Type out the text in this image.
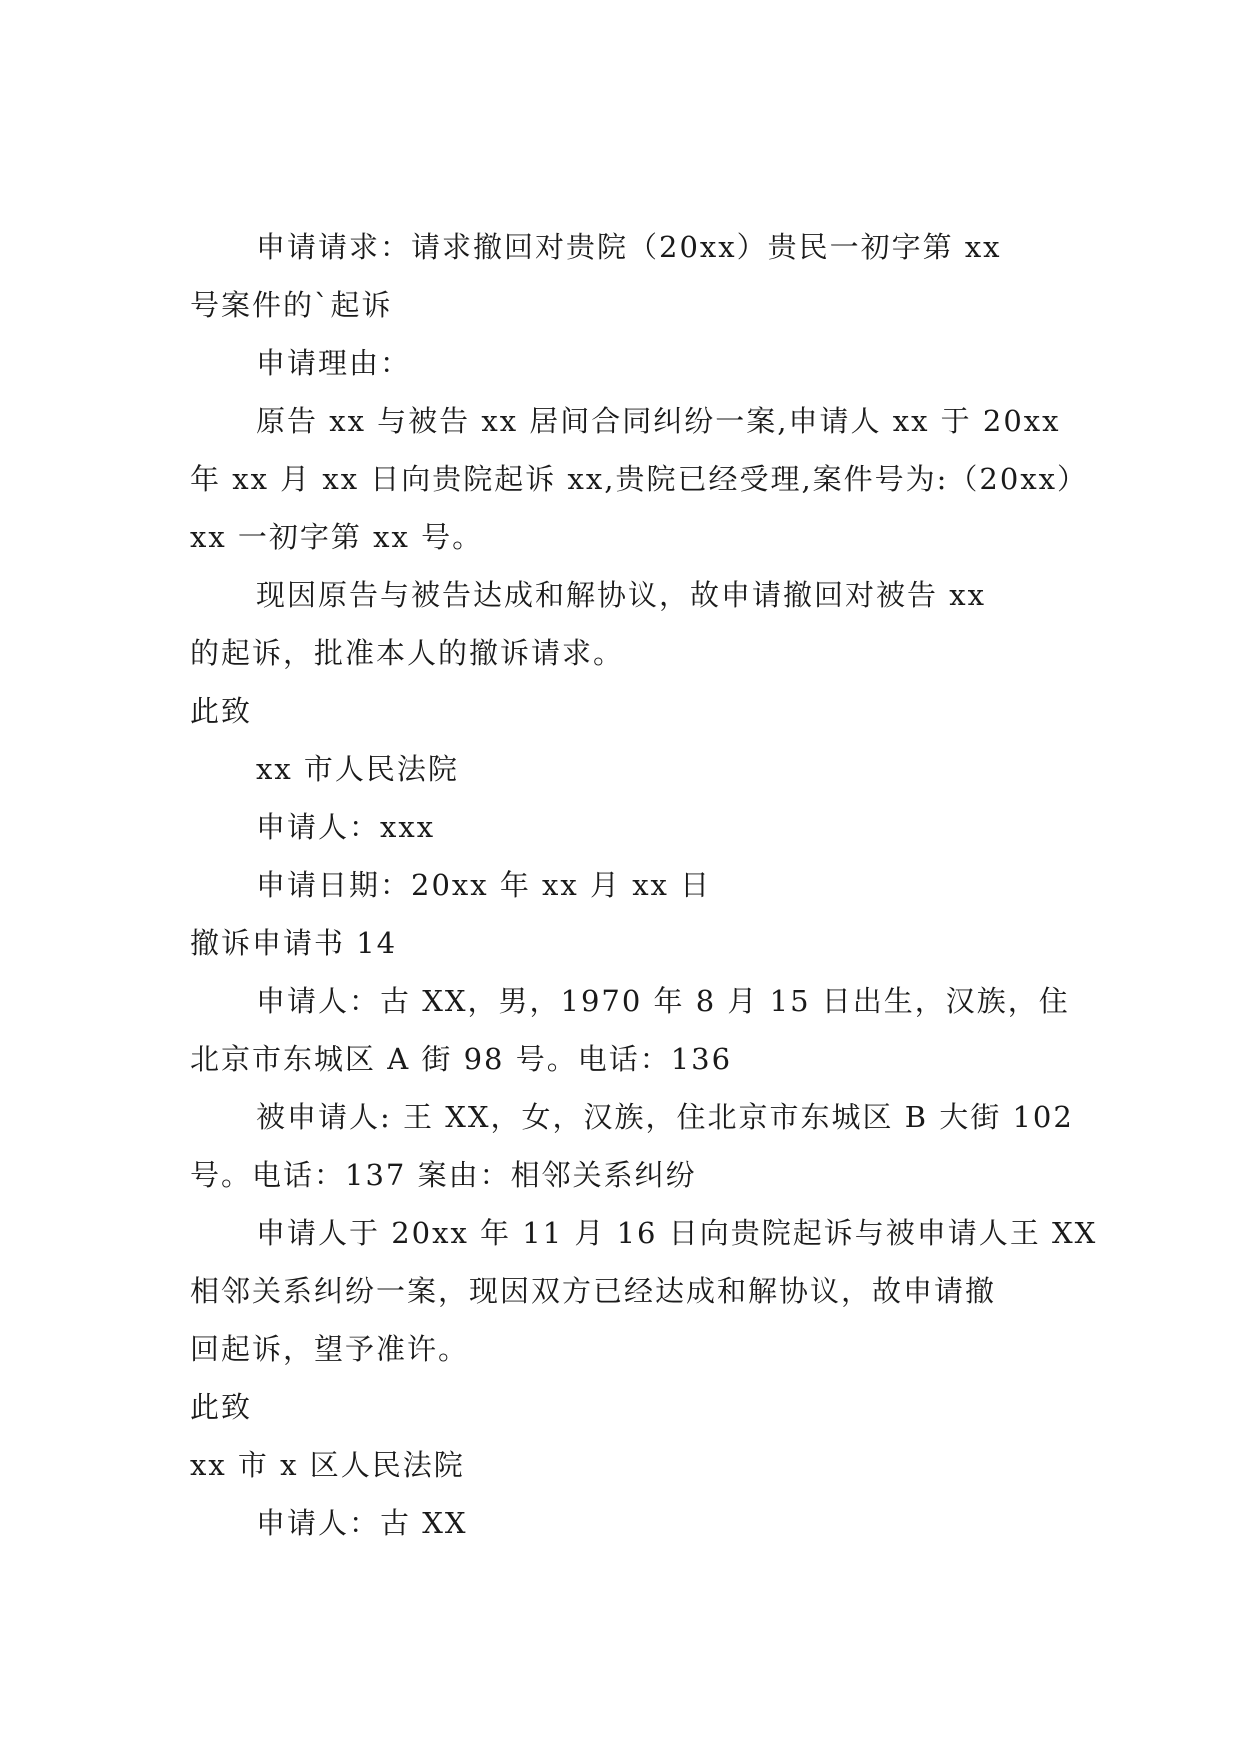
申请请求：请求撤回对贵院（20xx）贵民一初字第 xx
号案件的`起诉
申请理由：
原告 xx 与被告 xx 居间合同纠纷一案,申请人 xx 于 20xx
年 xx 月 xx 日向贵院起诉 xx,贵院已经受理,案件号为:（20xx）
xx 一初字第 xx 号。
现因原告与被告达成和解协议，故申请撤回对被告 xx
的起诉，批准本人的撤诉请求。
此致
xx 市人民法院
申请人：xxx
申请日期：20xx 年 xx 月 xx 日
撤诉申请书 14
申请人：古 XX，男，1970 年 8 月 15 日出生，汉族，住
北京市东城区 A 街 98 号。电话：136
被申请人: 王 XX，女，汉族，住北京市东城区 B 大街 102
号。电话：137 案由：相邻关系纠纷
申请人于 20xx 年 11 月 16 日向贵院起诉与被申请人王 XX
相邻关系纠纷一案，现因双方已经达成和解协议，故申请撤
回起诉，望予准许。
此致
xx 市 x 区人民法院
申请人：古 XX
